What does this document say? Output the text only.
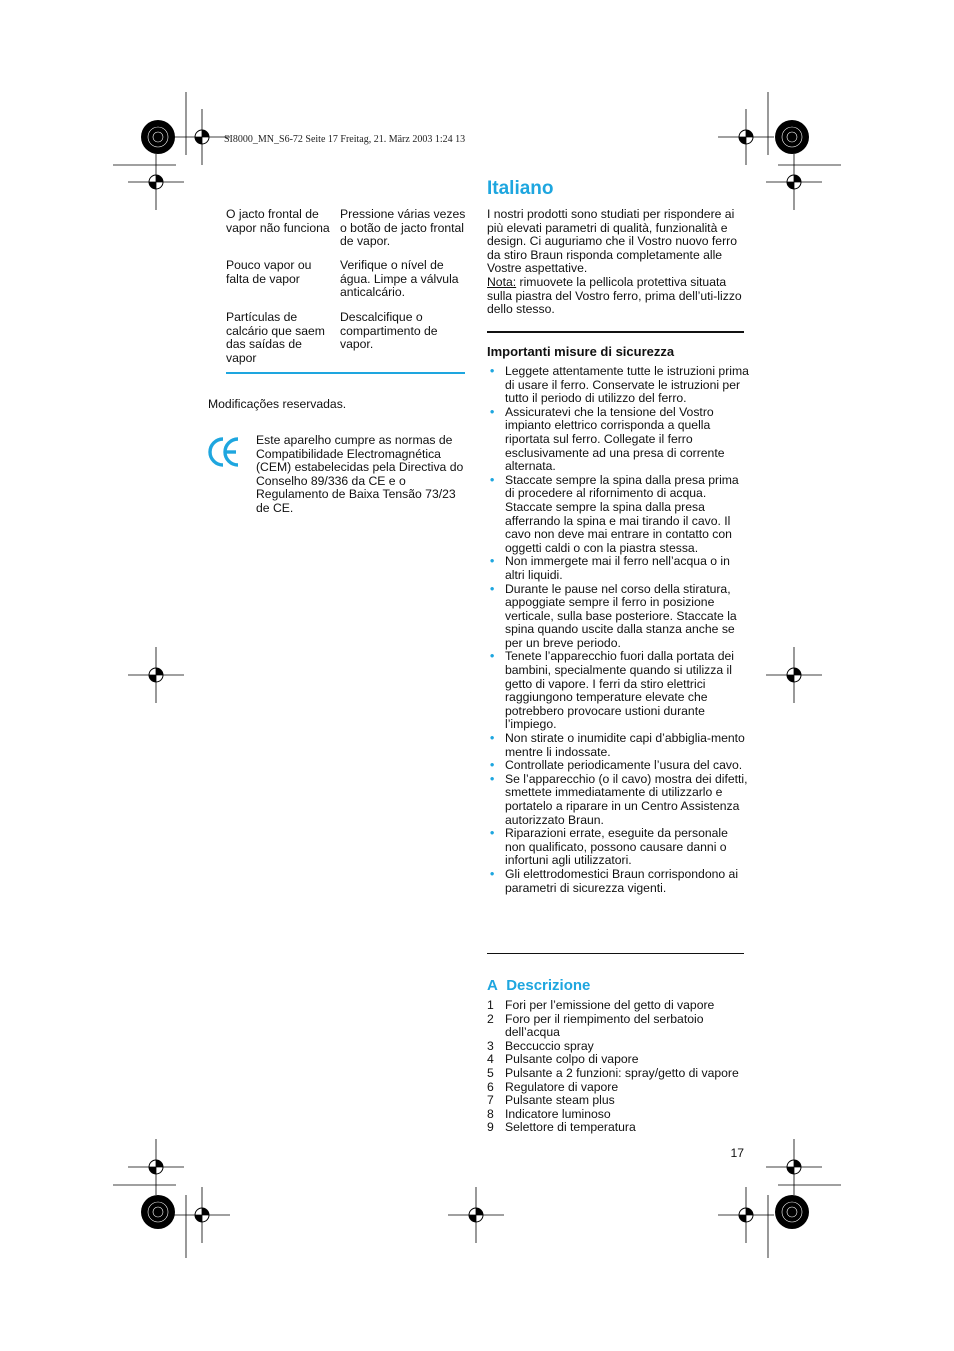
SI8000_MN_S6-72 Seite 17 Freitag, 21. März 2003 1:24 13
O jacto frontal de vapor não funciona
Pressione várias vezes o botão de jacto frontal de vapor.
Pouco vapor ou falta de vapor
Verifique o nível de água. Limpe a válvula anticalcário.
Partículas de calcário que saem das saídas de vapor
Descalcifique o compartimento de vapor.
Modificações reservadas.
Este aparelho cumpre as normas de Compatibilidade Electromagnética (CEM) estabelecidas pela Directiva do Conselho 89/336 da CE e o Regulamento de Baixa Tensão 73/23 de CE.
Italiano
I nostri prodotti sono studiati per rispondere ai più elevati parametri di qualità, funzionalità e design. Ci auguriamo che il Vostro nuovo ferro da stiro Braun risponda completamente alle Vostre aspettative.
Nota: rimuovete la pellicola protettiva situata sulla piastra del Vostro ferro, prima dell’uti-lizzo dello stesso.
Importanti misure di sicurezza
• Leggete attentamente tutte le istruzioni prima di usare il ferro. Conservate le istruzioni per tutto il periodo di utilizzo del ferro.
• Assicuratevi che la tensione del Vostro impianto elettrico corrisponda a quella riportata sul ferro. Collegate il ferro esclusivamente ad una presa di corrente alternata.
• Staccate sempre la spina dalla presa prima di procedere al rifornimento di acqua. Staccate sempre la spina dalla presa afferrando la spina e mai tirando il cavo. Il cavo non deve mai entrare in contatto con oggetti caldi o con la piastra stessa.
• Non immergete mai il ferro nell’acqua o in altri liquidi.
• Durante le pause nel corso della stiratura, appoggiate sempre il ferro in posizione verticale, sulla base posteriore. Staccate la spina quando uscite dalla stanza anche se per un breve periodo.
• Tenete l’apparecchio fuori dalla portata dei bambini, specialmente quando si utilizza il getto di vapore. I ferri da stiro elettrici raggiungono temperature elevate che potrebbero provocare ustioni durante l’impiego.
• Non stirate o inumidite capi d’abbiglia-mento mentre li indossate.
• Controllate periodicamente l’usura del cavo.
• Se l’apparecchio (o il cavo) mostra dei difetti, smettete immediatamente di utilizzarlo e portatelo a riparare in un Centro Assistenza autorizzato Braun.
• Riparazioni errate, eseguite da personale non qualificato, possono causare danni o infortuni agli utilizzatori.
• Gli elettrodomestici Braun corrispondono ai parametri di sicurezza vigenti.
A Descrizione
1 Fori per l’emissione del getto di vapore
2 Foro per il riempimento del serbatoio dell’acqua
3 Beccuccio spray
4 Pulsante colpo di vapore
5 Pulsante a 2 funzioni: spray/getto di vapore
6 Regulatore di vapore
7 Pulsante steam plus
8 Indicatore luminoso
9 Selettore di temperatura
17
